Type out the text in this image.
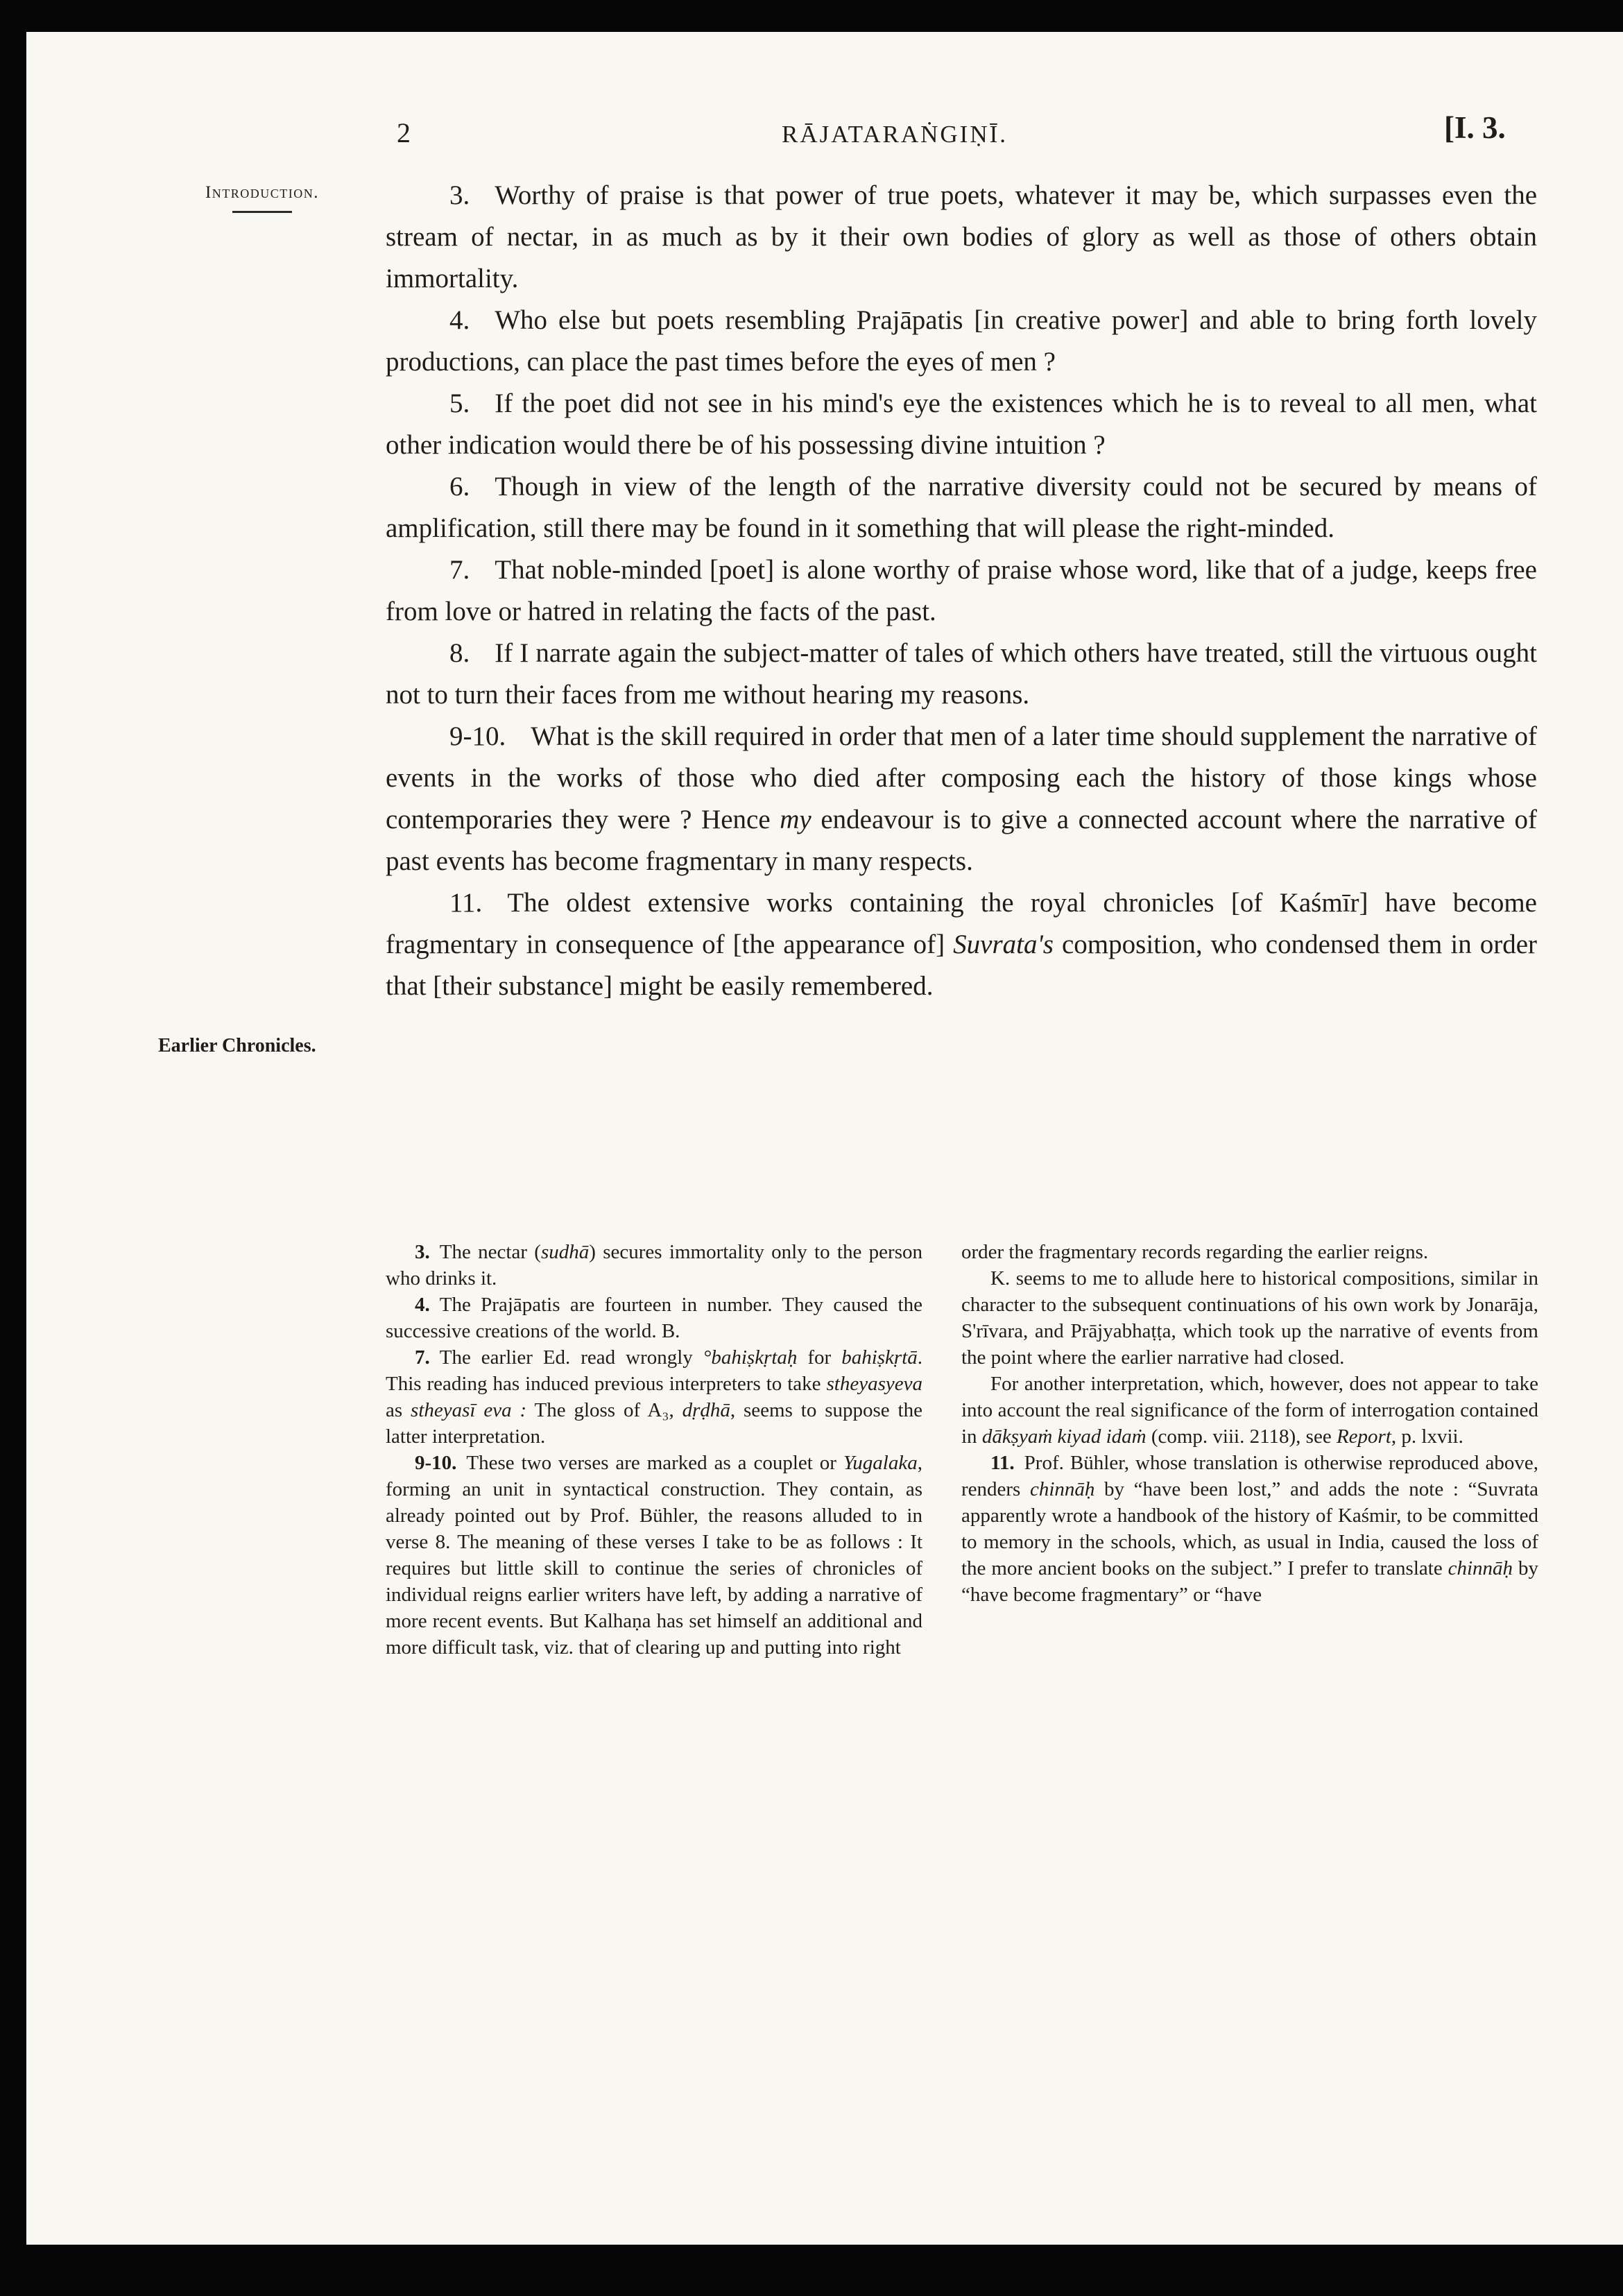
2	RĀJATARAṄGIṆĪ.	[I. 3.
Introduction.
Earlier Chronicles.

3. Worthy of praise is that power of true poets, whatever it may be, which surpasses even the stream of nectar, in as much as by it their own bodies of glory as well as those of others obtain immortality.

4. Who else but poets resembling Prajāpatis [in creative power] and able to bring forth lovely productions, can place the past times before the eyes of men ?

5. If the poet did not see in his mind's eye the existences which he is to reveal to all men, what other indication would there be of his possessing divine intuition ?

6. Though in view of the length of the narrative diversity could not be secured by means of amplification, still there may be found in it something that will please the right-minded.

7. That noble-minded [poet] is alone worthy of praise whose word, like that of a judge, keeps free from love or hatred in relating the facts of the past.

8. If I narrate again the subject-matter of tales of which others have treated, still the virtuous ought not to turn their faces from me without hearing my reasons.

9-10. What is the skill required in order that men of a later time should supplement the narrative of events in the works of those who died after composing each the history of those kings whose contemporaries they were ? Hence my endeavour is to give a connected account where the narrative of past events has become fragmentary in many respects.

11. The oldest extensive works containing the royal chronicles [of Kaśmīr] have become fragmentary in consequence of [the appearance of] Suvrata's composition, who condensed them in order that [their substance] might be easily remembered.

3. The nectar (sudhā) secures immortality only to the person who drinks it.

4. The Prajāpatis are fourteen in number. They caused the successive creations of the world. B.

7. The earlier Ed. read wrongly °bahiṣkṛtaḥ for bahiṣkṛtā. This reading has induced previous interpreters to take stheyasyeva as stheyasī eva : The gloss of A₃, dṛḍhā, seems to suppose the latter interpretation.

9-10. These two verses are marked as a couplet or Yugalaka, forming an unit in syntactical construction. They contain, as already pointed out by Prof. Bühler, the reasons alluded to in verse 8. The meaning of these verses I take to be as follows : It requires but little skill to continue the series of chronicles of individual reigns earlier writers have left, by adding a narrative of more recent events. But Kalhaṇa has set himself an additional and more difficult task, viz. that of clearing up and putting into right

order the fragmentary records regarding the earlier reigns.

K. seems to me to allude here to historical compositions, similar in character to the subsequent continuations of his own work by Jonarāja, S'rīvara, and Prājyabhaṭṭa, which took up the narrative of events from the point where the earlier narrative had closed.

For another interpretation, which, however, does not appear to take into account the real significance of the form of interrogation contained in dākṣyaṁ kiyad idaṁ (comp. viii. 2118), see Report, p. lxvii.

11. Prof. Bühler, whose translation is otherwise reproduced above, renders chinnāḥ by “have been lost,” and adds the note : “Suvrata apparently wrote a handbook of the history of Kaśmir, to be committed to memory in the schools, which, as usual in India, caused the loss of the more ancient books on the subject.” I prefer to translate chinnāḥ by “have become fragmentary” or “have
